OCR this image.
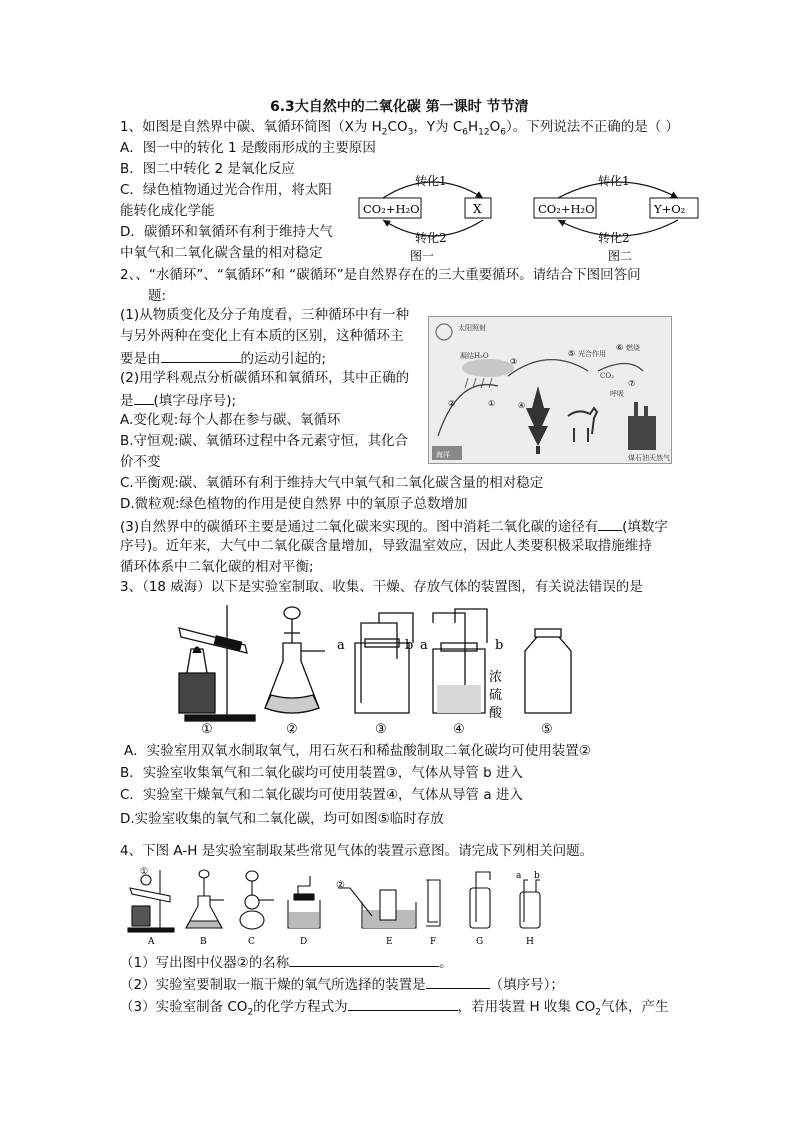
6.3大自然中的二氧化碳 第一课时 节节清
1、如图是自然界中碳、氧循环简图（X为 $H_2CO_3$，Y为 $C_6H_{12}O_6$）。下列说法不正确的是（ ）
A．图一中的转化 1 是酸雨形成的主要原因
B．图二中转化 2 是氧化反应
C．绿色植物通过光合作用，将太阳
能转化成化学能
D．碳循环和氧循环有利于维持大气
中氧气和二氧化碳含量的相对稳定
转化1
转化2
CO₂+H₂O	X
图一
转化1
转化2
CO₂+H₂O	Y+O₂
图二
2、、“水循环”、“氧循环”和 “碳循环”是自然界存在的三大重要循环。请结合下图回答问
题:
(1)从物质变化及分子角度看，三种循环中有一种
与另外两种在变化上有本质的区别，这种循环主
要是由	的运动引起的;
(2)用学科观点分析碳循环和氧循环，其中正确的
是 (填字母序号);
A.变化观:每个人都在参与碳、氧循环
B.守恒观:碳、氧循环过程中各元素守恒，其化合
价不变
C.平衡观:碳、氧循环有利于维持大气中氧气和二氧化碳含量的相对稳定
D.微粒观:绿色植物的作用是使自然界 中的氧原子总数增加
(3)自然界中的碳循环主要是通过二氧化碳来实现的。图中消耗二氧化碳的途径有 (填数字
序号)。近年来，大气中二氧化碳含量增加，导致温室效应，因此人类要积极采取措施维持
循环体系中二氧化碳的相对平衡;
太阳照射
凝结H₂O
③
光合作用
⑤
燃烧
⑥
CO₂
②	①	④
⑦
呼吸
煤石油天然气
海洋
3、（18 威海）以下是实验室制取、收集、干燥、存放气体的装置图，有关说法错误的是
a	b a	b
浓
硫
酸
①	②	③	④	⑤
A．实验室用双氧水制取氧气，用石灰石和稀盐酸制取二氧化碳均可使用装置②
B．实验室收集氧气和二氧化碳均可使用装置③，气体从导管 b 进入
C．实验室干燥氧气和二氧化碳均可使用装置④，气体从导管 a 进入
D.实验室收集的氧气和二氧化碳，均可如图⑤临时存放
4、下图 A-H 是实验室制取某些常见气体的装置示意图。请完成下列相关问题。
①
②
a b
A	B	C	D	E	F	G	H
（1）写出图中仪器②的名称	。
（2）实验室要制取一瓶干燥的氧气所选择的装置是	（填序号）；
（3）实验室制备 $CO_2$的化学方程式为	，若用装置 H 收集 $CO_2$气体，产生
